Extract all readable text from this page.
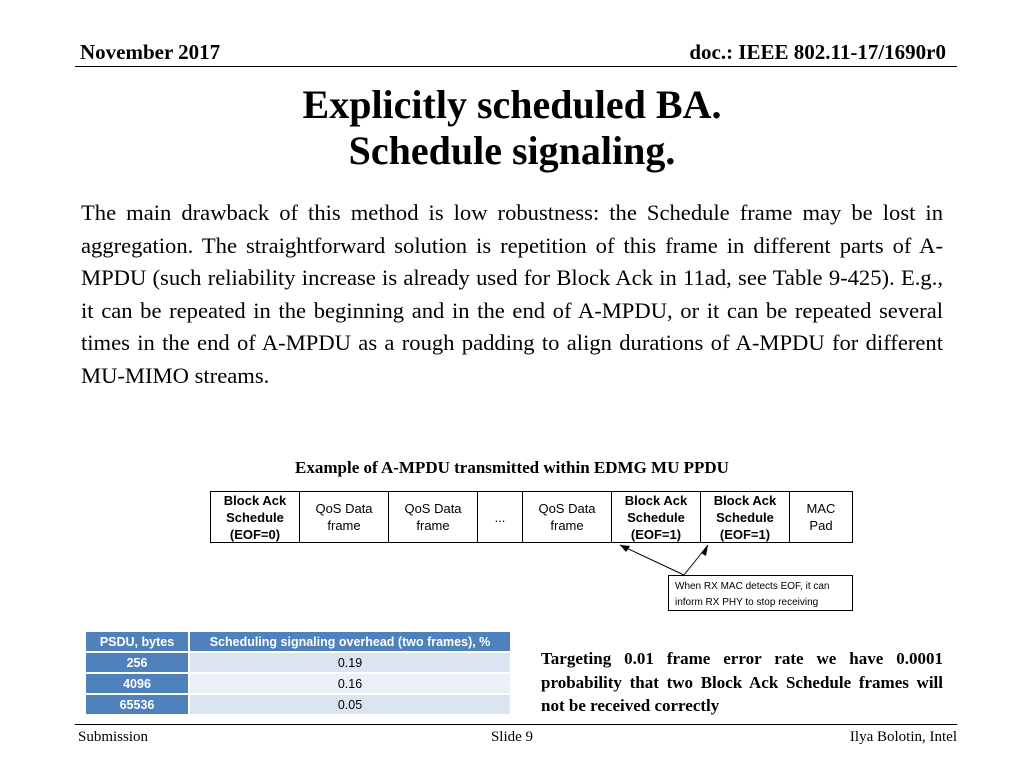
November 2017	doc.: IEEE 802.11-17/1690r0
Explicitly scheduled BA.
Schedule signaling.
The main drawback of this method is low robustness: the Schedule frame may be lost in aggregation. The straightforward solution is repetition of this frame in different parts of A-MPDU (such reliability increase is already used for Block Ack in 11ad, see Table 9-425). E.g., it can be repeated in the beginning and in the end of A-MPDU, or it can be repeated several times in the end of A-MPDU as a rough padding to align durations of A-MPDU for different MU-MIMO streams.
Example of A-MPDU transmitted within EDMG MU PPDU
Block Ack
Schedule
(EOF=0)
QoS Data
frame
QoS Data
frame
...
QoS Data
frame
Block Ack
Schedule
(EOF=1)
Block Ack
Schedule
(EOF=1)
MAC
Pad
When RX MAC detects EOF, it can inform RX PHY to stop receiving
PSDU, bytes	Scheduling signaling overhead (two frames), %
256	0.19
4096	0.16
65536	0.05
Targeting 0.01 frame error rate we have 0.0001 probability that two Block Ack Schedule frames will not be received correctly
Submission	Slide 9	Ilya Bolotin, Intel
